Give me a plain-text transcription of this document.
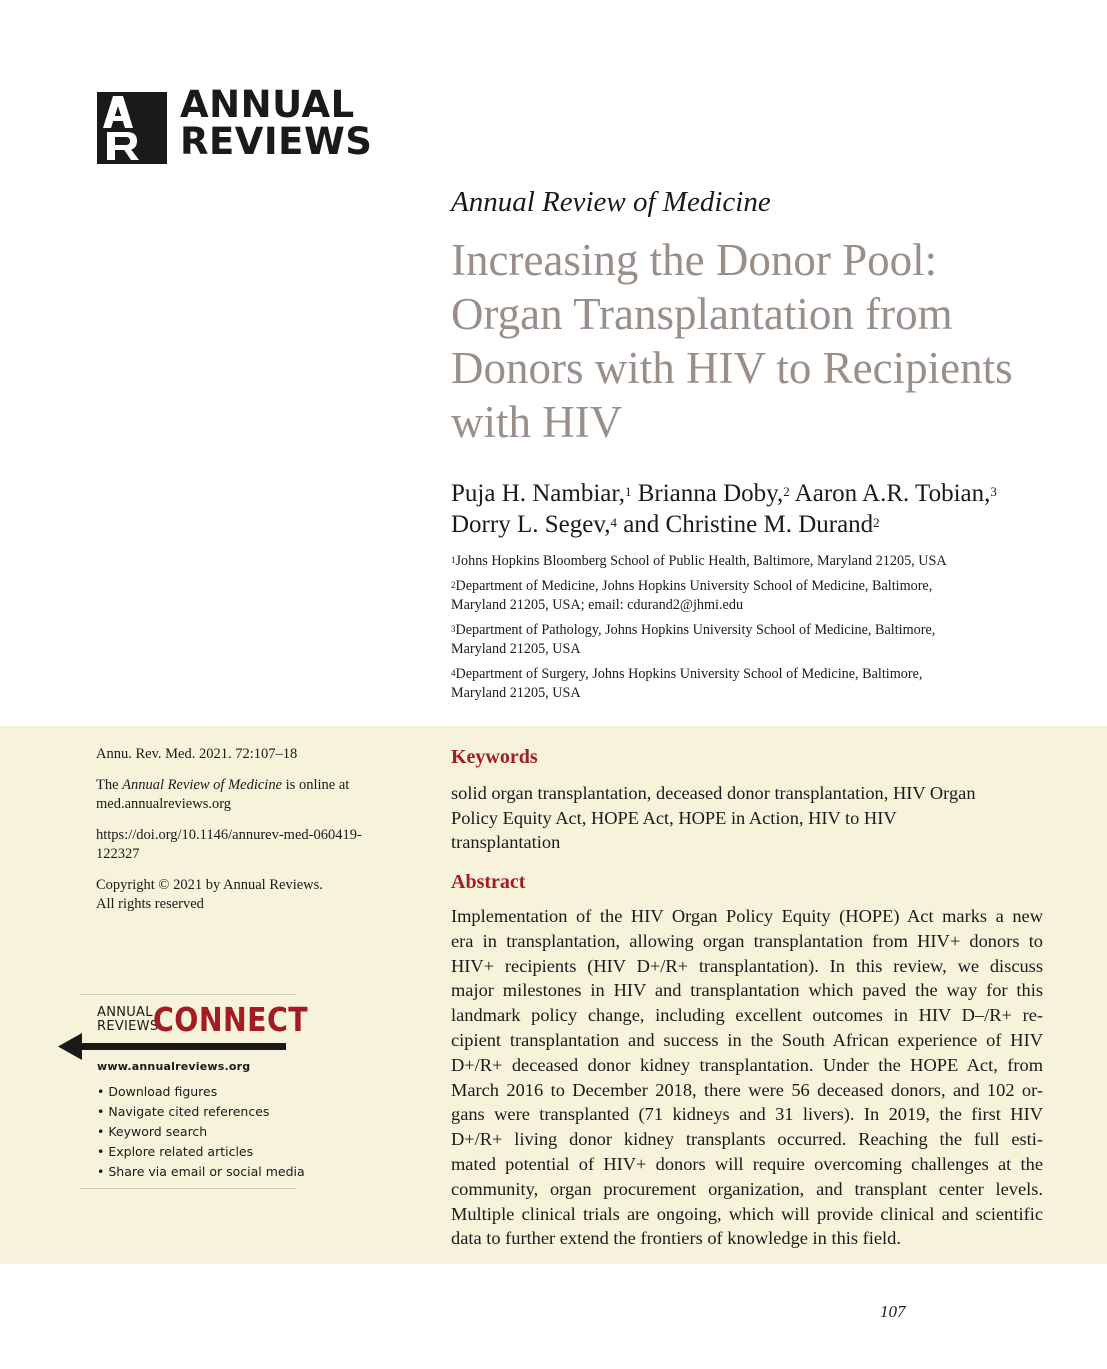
ANNUAL
REVIEWS
Annual Review of Medicine
Increasing the Donor Pool:
Organ Transplantation from
Donors with HIV to Recipients
with HIV
Puja H. Nambiar,$^1$ Brianna Doby,$^2$ Aaron A.R. Tobian,$^3$
Dorry L. Segev,$^4$ and Christine M. Durand$^2$
$^1$Johns Hopkins Bloomberg School of Public Health, Baltimore, Maryland 21205, USA
$^2$Department of Medicine, Johns Hopkins University School of Medicine, Baltimore,
Maryland 21205, USA; email: cdurand2@jhmi.edu
$^3$Department of Pathology, Johns Hopkins University School of Medicine, Baltimore,
Maryland 21205, USA
$^4$Department of Surgery, Johns Hopkins University School of Medicine, Baltimore,
Maryland 21205, USA
Annu. Rev. Med. 2021. 72:107–18
The Annual Review of Medicine is online at
med.annualreviews.org
https://doi.org/10.1146/annurev-med-060419-
122327
Copyright © 2021 by Annual Reviews.
All rights reserved
ANNUAL
REVIEWS
CONNECT
www.annualreviews.org
• Download figures
• Navigate cited references
• Keyword search
• Explore related articles
• Share via email or social media
Keywords
solid organ transplantation, deceased donor transplantation, HIV Organ
Policy Equity Act, HOPE Act, HOPE in Action, HIV to HIV
transplantation
Abstract
Implementation of the HIV Organ Policy Equity (HOPE) Act marks a new
era in transplantation, allowing organ transplantation from HIV+ donors to
HIV+ recipients (HIV D+/R+ transplantation). In this review, we discuss
major milestones in HIV and transplantation which paved the way for this
landmark policy change, including excellent outcomes in HIV D–/R+ re-
cipient transplantation and success in the South African experience of HIV
D+/R+ deceased donor kidney transplantation. Under the HOPE Act, from
March 2016 to December 2018, there were 56 deceased donors, and 102 or-
gans were transplanted (71 kidneys and 31 livers). In 2019, the first HIV
D+/R+ living donor kidney transplants occurred. Reaching the full esti-
mated potential of HIV+ donors will require overcoming challenges at the
community, organ procurement organization, and transplant center levels.
Multiple clinical trials are ongoing, which will provide clinical and scientific
data to further extend the frontiers of knowledge in this field.
107
